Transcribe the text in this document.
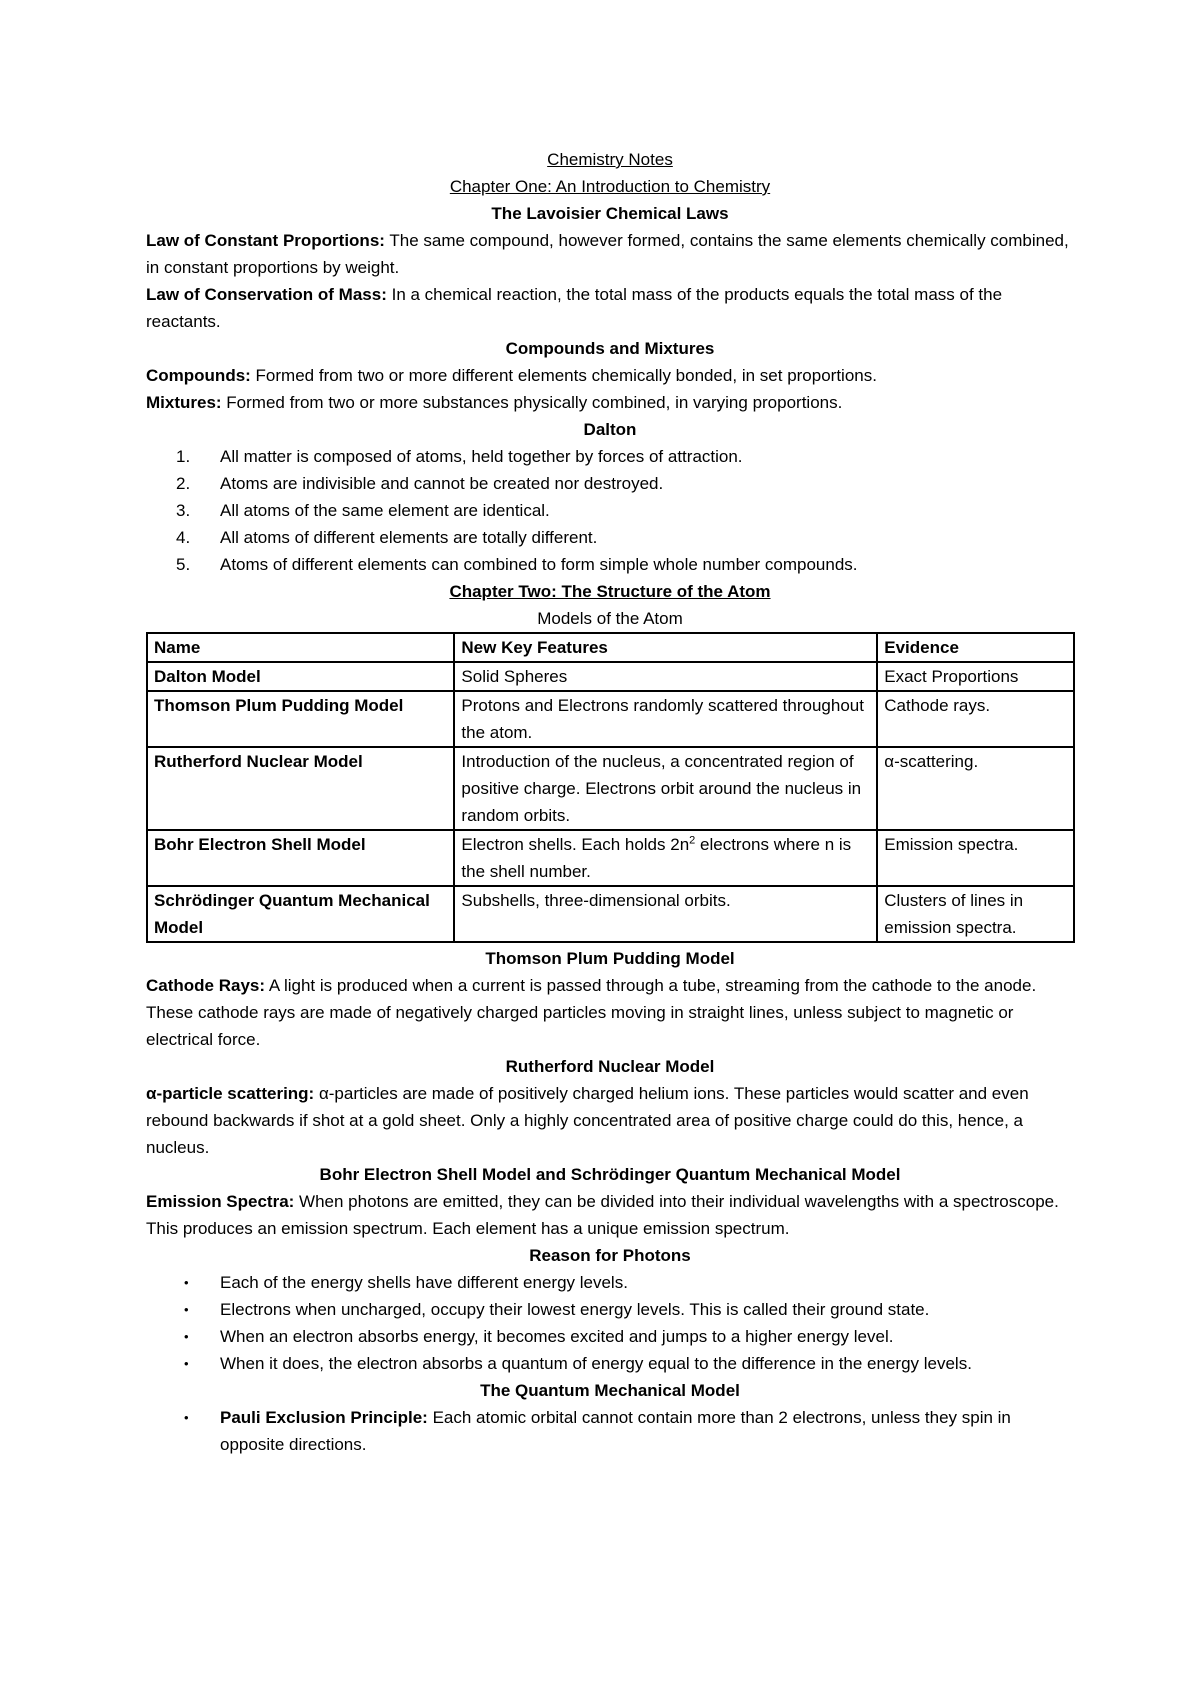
Chemistry Notes

Chapter One: An Introduction to Chemistry

The Lavoisier Chemical Laws

Law of Constant Proportions: The same compound, however formed, contains the same elements chemically combined, in constant proportions by weight.

Law of Conservation of Mass: In a chemical reaction, the total mass of the products equals the total mass of the reactants.

Compounds and Mixtures

Compounds: Formed from two or more different elements chemically bonded, in set proportions.

Mixtures: Formed from two or more substances physically combined, in varying proportions.

Dalton

1.	All matter is composed of atoms, held together by forces of attraction.
2.	Atoms are indivisible and cannot be created nor destroyed.
3.	All atoms of the same element are identical.
4.	All atoms of different elements are totally different.
5.	Atoms of different elements can combined to form simple whole number compounds.

Chapter Two: The Structure of the Atom

Models of the Atom

Name	New Key Features	Evidence
Dalton Model	Solid Spheres	Exact Proportions
Thomson Plum Pudding Model	Protons and Electrons randomly scattered throughout the atom.	Cathode rays.
Rutherford Nuclear Model	Introduction of the nucleus, a concentrated region of positive charge. Electrons orbit around the nucleus in random orbits.	α-scattering.
Bohr Electron Shell Model	Electron shells. Each holds $2n^2$ electrons where n is the shell number.	Emission spectra.
Schrödinger Quantum Mechanical Model	Subshells, three-dimensional orbits.	Clusters of lines in emission spectra.

Thomson Plum Pudding Model

Cathode Rays: A light is produced when a current is passed through a tube, streaming from the cathode to the anode. These cathode rays are made of negatively charged particles moving in straight lines, unless subject to magnetic or electrical force.

Rutherford Nuclear Model

α-particle scattering: α-particles are made of positively charged helium ions. These particles would scatter and even rebound backwards if shot at a gold sheet. Only a highly concentrated area of positive charge could do this, hence, a nucleus.

Bohr Electron Shell Model and Schrödinger Quantum Mechanical Model

Emission Spectra: When photons are emitted, they can be divided into their individual wavelengths with a spectroscope. This produces an emission spectrum. Each element has a unique emission spectrum.

Reason for Photons

• Each of the energy shells have different energy levels.
• Electrons when uncharged, occupy their lowest energy levels. This is called their ground state.
• When an electron absorbs energy, it becomes excited and jumps to a higher energy level.
• When it does, the electron absorbs a quantum of energy equal to the difference in the energy levels.

The Quantum Mechanical Model

• Pauli Exclusion Principle: Each atomic orbital cannot contain more than 2 electrons, unless they spin in opposite directions.
